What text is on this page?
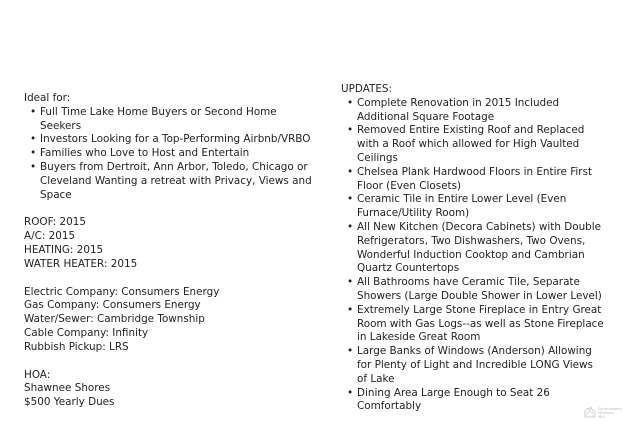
Ideal for:

• Full Time Lake Home Buyers or Second Home Seekers
• Investors Looking for a Top-Performing Airbnb/VRBO
• Families who Love to Host and Entertain
• Buyers from Dertroit, Ann Arbor, Toledo, Chicago or Cleveland Wanting a retreat with Privacy, Views and Space

ROOF: 2015

A/C: 2015

HEATING: 2015

WATER HEATER: 2015

Electric Company: Consumers Energy

Gas Company: Consumers Energy

Water/Sewer: Cambridge Township

Cable Company: Infinity

Rubbish Pickup: LRS

HOA:

Shawnee Shores

$500 Yearly Dues

UPDATES:

• Complete Renovation in 2015 Included Additional Square Footage
• Removed Entire Existing Roof and Replaced with a Roof which allowed for High Vaulted Ceilings
• Chelsea Plank Hardwood Floors in Entire First Floor (Even Closets)
• Ceramic Tile in Entire Lower Level (Even Furnace/Utility Room)
• All New Kitchen (Decora Cabinets) with Double Refrigerators, Two Dishwashers, Two Ovens, Wonderful Induction Cooktop and Cambrian Quartz Countertops
• All Bathrooms have Ceramic Tile, Separate Showers (Large Double Shower in Lower Level)
• Extremely Large Stone Fireplace in Entry Great Room with Gas Logs--as well as Stone Fireplace in Lakeside Great Room
• Large Banks of Windows (Anderson) Allowing for Plenty of Light and Incredible LONG Views of Lake
• Dining Area Large Enough to Seat 26 Comfortably	Southeastern
Michigan
MLS
